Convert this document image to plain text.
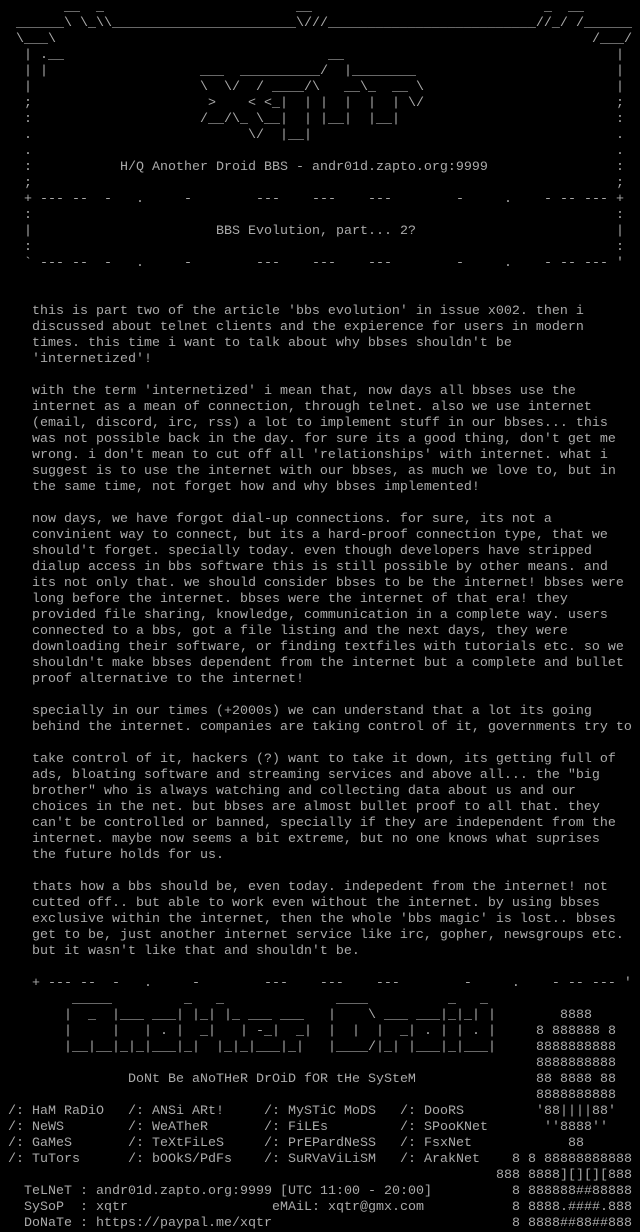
__ _	__	_ __
______\ \_\\_______________________\///__________________________//_/ /______
\___\	/___/
| .__	__	|
| |	___ __________/ |________	|
|	\ \/ / ____/\ __\_ __ \	|
;	> < <_| | | | | | \/	;
:	/__/\_ \__| | |__| |__|	:
.	\/ |__|	.
.	.
:	:
;	;
+ --- -- - .	-	--- --- ---	-	. - -- --- +
:	:
|	|
:	:
` --- -- - .	-	--- --- ---	-	. - -- --- '
H/Q Another Droid BBS - andr01d.zapto.org:9999
BBS Evolution, part... 2?
this is part two of the article 'bbs evolution' in issue x002. then i
discussed about telnet clients and the expierence for users in modern
times. this time i want to talk about why bbses shouldn't be
'internetized'!
with the term 'internetized' i mean that, now days all bbses use the
internet as a mean of connection, through telnet. also we use internet
(email, discord, irc, rss) a lot to implement stuff in our bbses... this
was not possible back in the day. for sure its a good thing, don't get me
wrong. i don't mean to cut off all 'relationships' with internet. what i
suggest is to use the internet with our bbses, as much we love to, but in
the same time, not forget how and why bbses implemented!
now days, we have forgot dial-up connections. for sure, its not a
convinient way to connect, but its a hard-proof connection type, that we
should't forget. specially today. even though developers have stripped
dialup access in bbs software this is still possible by other means. and
its not only that. we should consider bbses to be the internet! bbses were
long before the internet. bbses were the internet of that era! they
provided file sharing, knowledge, communication in a complete way. users
connected to a bbs, got a file listing and the next days, they were
downloading their software, or finding textfiles with tutorials etc. so we
shouldn't make bbses dependent from the internet but a complete and bullet
proof alternative to the internet!
specially in our times (+2000s) we can understand that a lot its going
behind the internet. companies are taking control of it, governments try to

take control of it, hackers (?) want to take it down, its getting full of
ads, bloating software and streaming services and above all... the "big
brother" who is always watching and collecting data about us and our
choices in the net. but bbses are almost bullet proof to all that. they
can't be controlled or banned, specially if they are independent from the
internet. maybe now seems a bit extreme, but no one knows what suprises
the future holds for us.
thats how a bbs should be, even today. indepedent from the internet! not
cutted off.. but able to work even without the internet. by using bbses
exclusive within the internet, then the whole 'bbs magic' is lost.. bbses
get to be, just another internet service like irc, gopher, newsgroups etc.
but it wasn't like that and shouldn't be.
+ --- --  -   .     -        ---    ---    ---        -     .    - -- --- '
_____	_ _	____	_ _
| _ |___ ___| |_| |_ ___ ___ | \ ___ ___|_|_| |
|	| | . | _| | -_| _| | | | _| . | | . |
|__|__|_|_|___|_| |_|_|___|_| |____/|_| |___|_|___|
8888
8 888888 8
8888888888
8888888888
88 8888 88
8888888888
'88||||88'
''8888''
88
8 8 88888888888
888 8888][][][888
8 888888##88888
8 8888.####.888
8 8888##88##888
DoNt Be aNoTHeR DrOiD fOR tHe SySteM
/: HaM RaDiO /: ANSi ARt!	/: MySTiC MoDS /: DooRS
/: NeWS	/: WeATheR	/: FiLEs	/: SPooKNet
/: GaMeS	/: TeXtFiLeS	/: PrEPardNeSS /: FsxNet
/: TuTors	/: bOOkS/PdFs /: SuRVaViLiSM /: ArakNet
TeLNeT : andr01d.zapto.org:9999 [UTC 11:00 - 20:00]
SySoP : xqtr	eMAiL: xqtr@gmx.com
DoNaTe : https://paypal.me/xqtr
